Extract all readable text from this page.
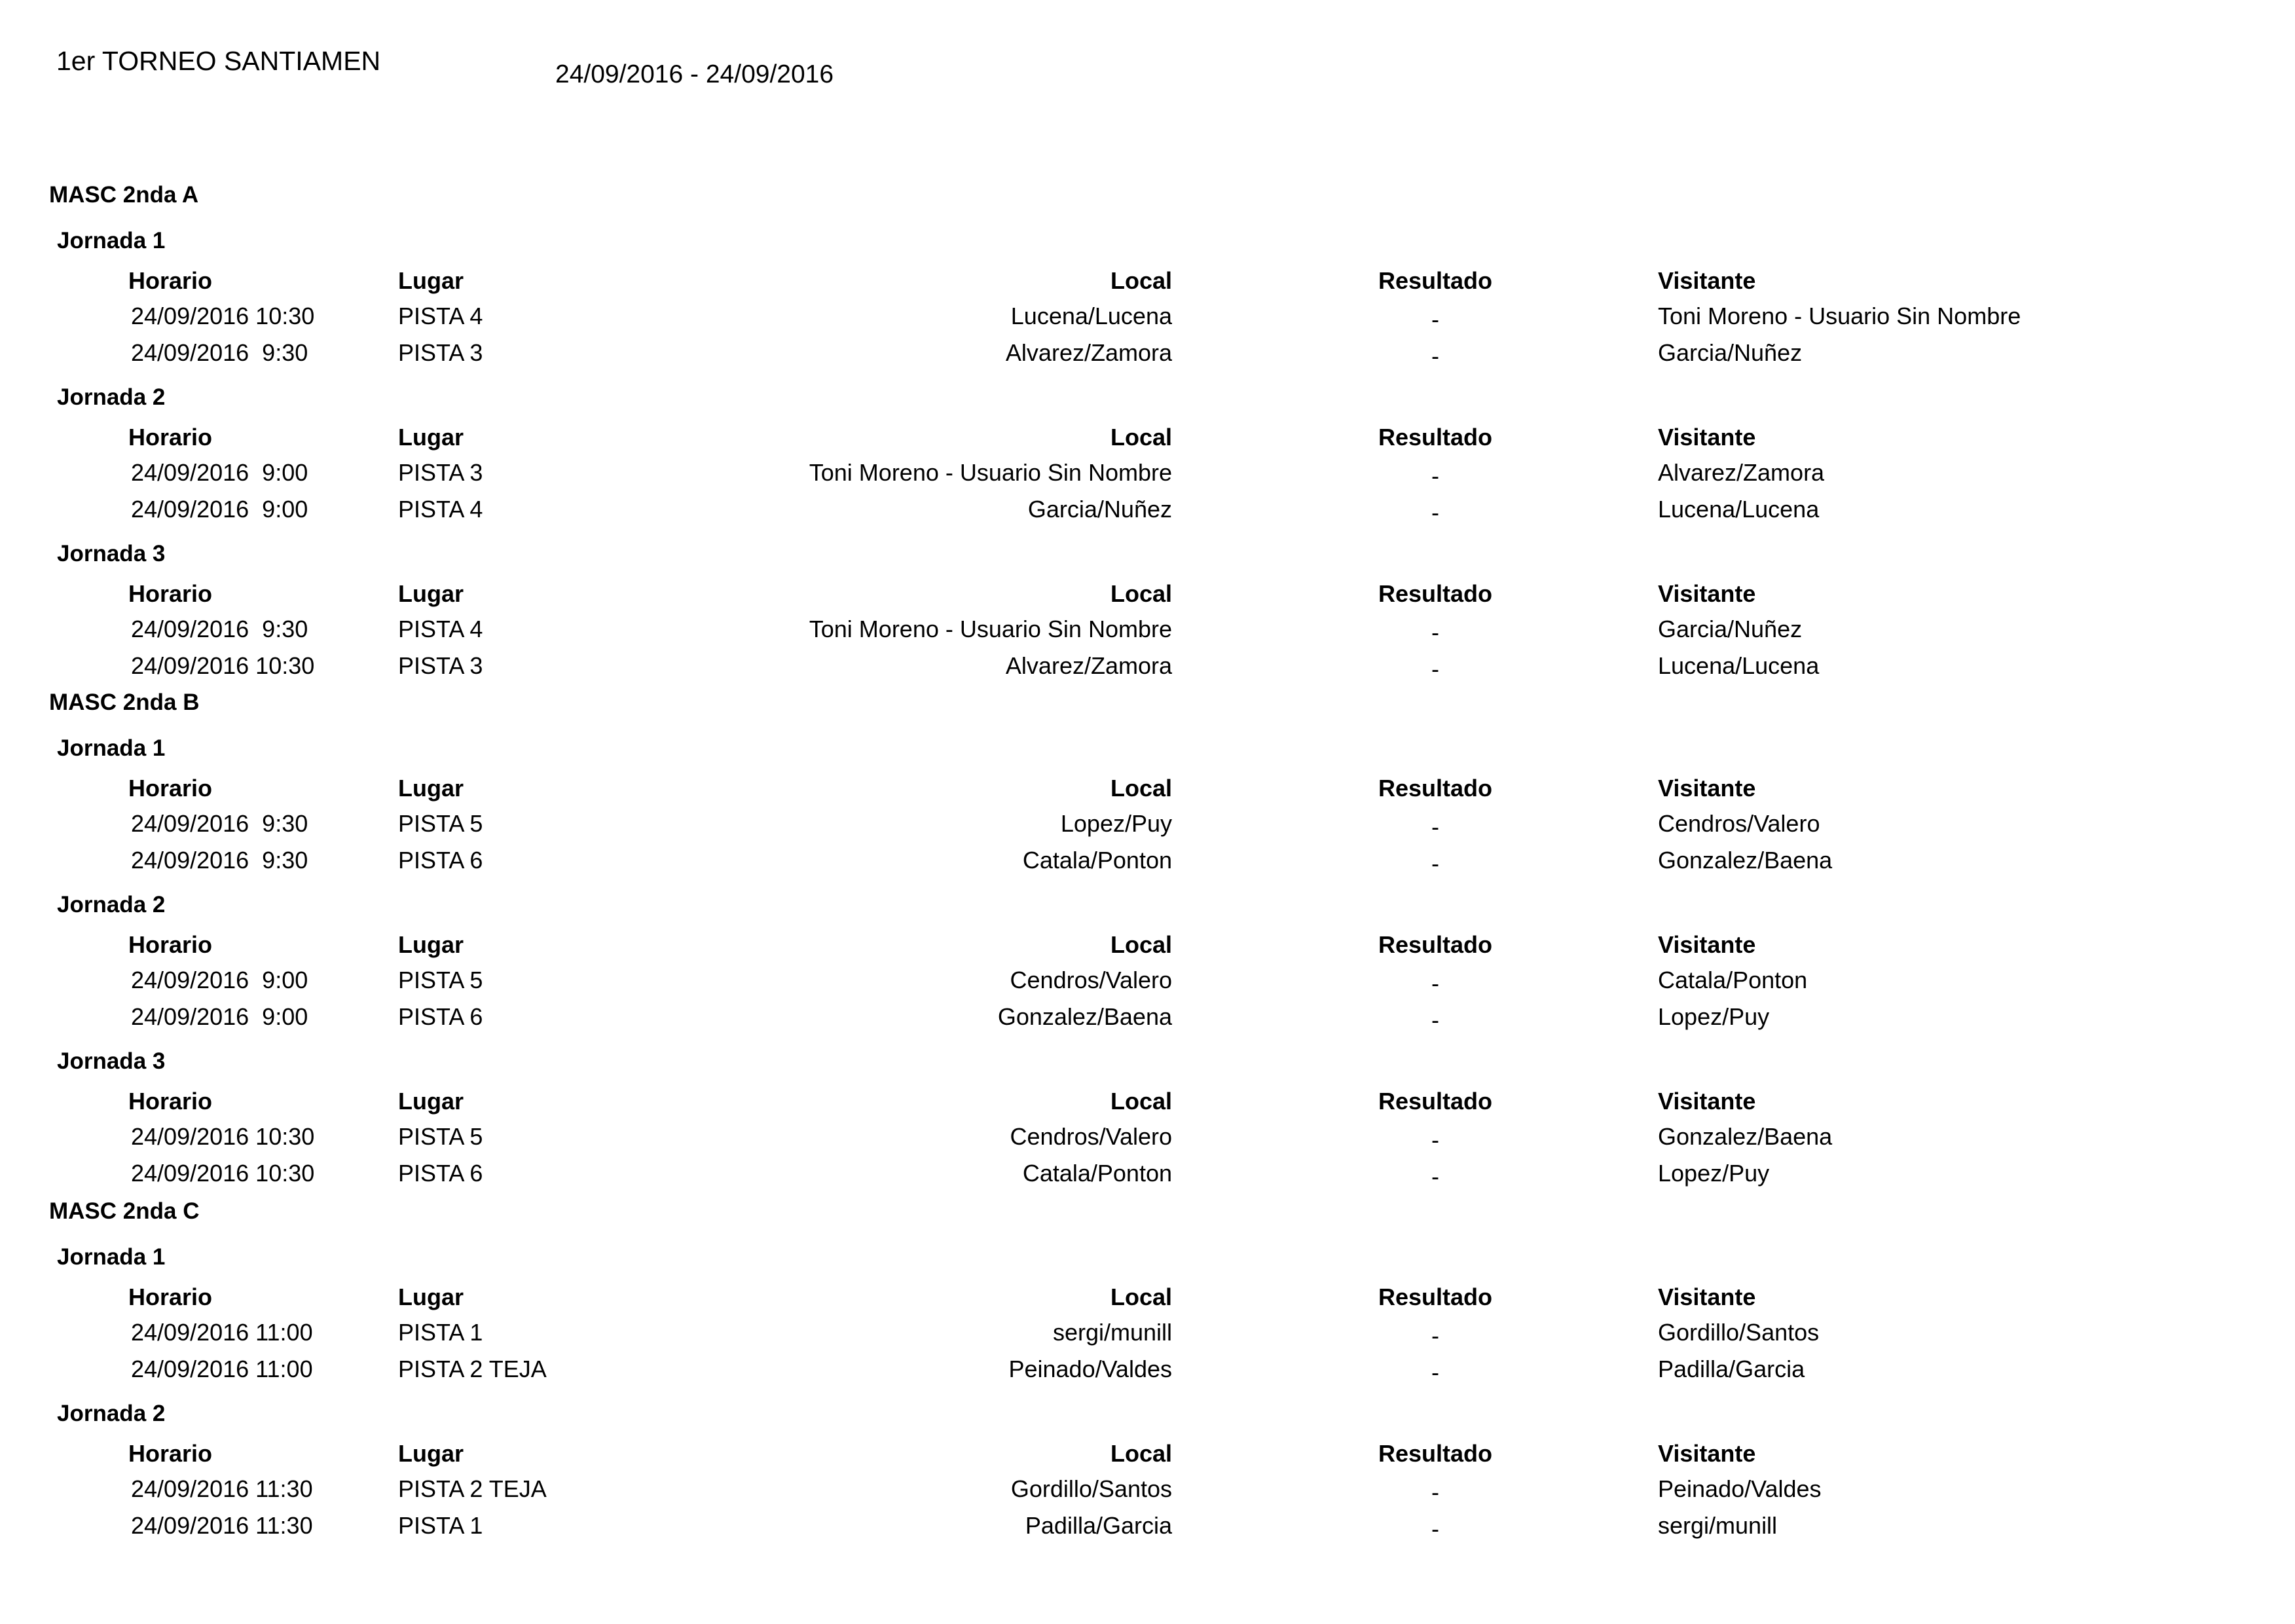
1er TORNEO SANTIAMEN	24/09/2016 - 24/09/2016
MASC 2nda A
Jornada 1
Horario	Lugar	Local	Resultado	Visitante
24/09/2016 10:30	PISTA 4	Lucena/Lucena	-	Toni Moreno - Usuario Sin Nombre
24/09/2016  9:30	PISTA 3	Alvarez/Zamora	-	Garcia/Nuñez
Jornada 2
Horario	Lugar	Local	Resultado	Visitante
24/09/2016  9:00	PISTA 3	Toni Moreno - Usuario Sin Nombre	-	Alvarez/Zamora
24/09/2016  9:00	PISTA 4	Garcia/Nuñez	-	Lucena/Lucena
Jornada 3
Horario	Lugar	Local	Resultado	Visitante
24/09/2016  9:30	PISTA 4	Toni Moreno - Usuario Sin Nombre	-	Garcia/Nuñez
24/09/2016 10:30	PISTA 3	Alvarez/Zamora	-	Lucena/Lucena
MASC 2nda B
Jornada 1
Horario	Lugar	Local	Resultado	Visitante
24/09/2016  9:30	PISTA 5	Lopez/Puy	-	Cendros/Valero
24/09/2016  9:30	PISTA 6	Catala/Ponton	-	Gonzalez/Baena
Jornada 2
Horario	Lugar	Local	Resultado	Visitante
24/09/2016  9:00	PISTA 5	Cendros/Valero	-	Catala/Ponton
24/09/2016  9:00	PISTA 6	Gonzalez/Baena	-	Lopez/Puy
Jornada 3
Horario	Lugar	Local	Resultado	Visitante
24/09/2016 10:30	PISTA 5	Cendros/Valero	-	Gonzalez/Baena
24/09/2016 10:30	PISTA 6	Catala/Ponton	-	Lopez/Puy
MASC 2nda C
Jornada 1
Horario	Lugar	Local	Resultado	Visitante
24/09/2016 11:00	PISTA 1	sergi/munill	-	Gordillo/Santos
24/09/2016 11:00	PISTA 2 TEJA	Peinado/Valdes	-	Padilla/Garcia
Jornada 2
Horario	Lugar	Local	Resultado	Visitante
24/09/2016 11:30	PISTA 2 TEJA	Gordillo/Santos	-	Peinado/Valdes
24/09/2016 11:30	PISTA 1	Padilla/Garcia	-	sergi/munill
